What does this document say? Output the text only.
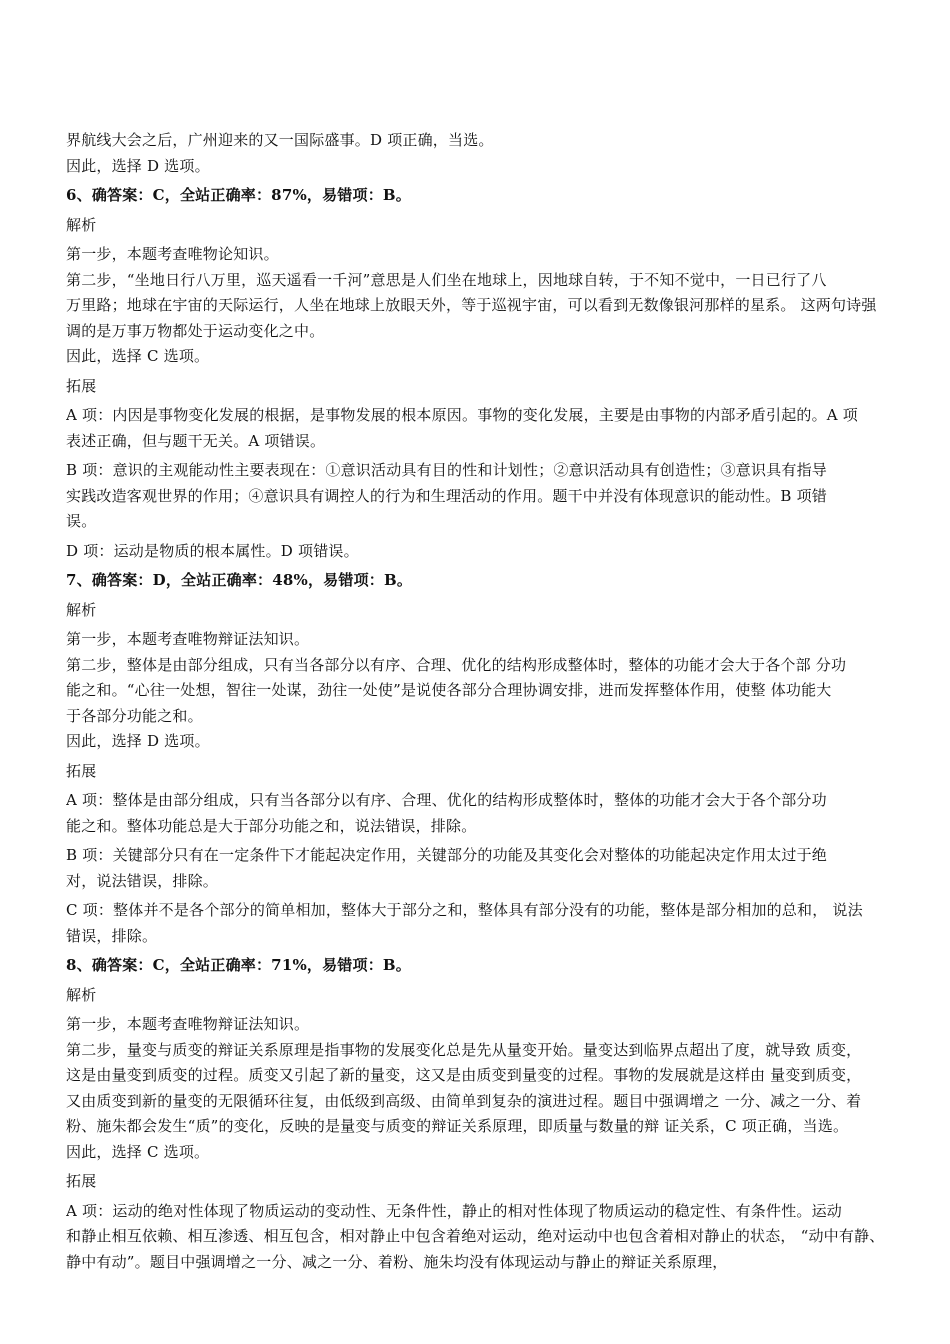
界航线大会之后，广州迎来的又一国际盛事。D 项正确，当选。
因此，选择 D 选项。
6、确答案：C，全站正确率：87%，易错项：B。
解析
第一步，本题考查唯物论知识。
第二步，“坐地日行八万里，巡天遥看一千河”意思是人们坐在地球上，因地球自转，于不知不觉中，一日已行了八
万里路；地球在宇宙的天际运行，人坐在地球上放眼天外，等于巡视宇宙，可以看到无数像银河那样的星系。 这两句诗强
调的是万事万物都处于运动变化之中。
因此，选择 C 选项。
拓展
A 项：内因是事物变化发展的根据，是事物发展的根本原因。事物的变化发展，主要是由事物的内部矛盾引起的。A 项
表述正确，但与题干无关。A 项错误。
B 项：意识的主观能动性主要表现在：①意识活动具有目的性和计划性；②意识活动具有创造性；③意识具有指导
实践改造客观世界的作用；④意识具有调控人的行为和生理活动的作用。题干中并没有体现意识的能动性。B 项错
误。
D 项：运动是物质的根本属性。D 项错误。
7、确答案：D，全站正确率：48%，易错项：B。
解析
第一步，本题考查唯物辩证法知识。
第二步，整体是由部分组成，只有当各部分以有序、合理、优化的结构形成整体时，整体的功能才会大于各个部 分功
能之和。“心往一处想，智往一处谋，劲往一处使”是说使各部分合理协调安排，进而发挥整体作用，使整 体功能大
于各部分功能之和。
因此，选择 D 选项。
拓展
A 项：整体是由部分组成，只有当各部分以有序、合理、优化的结构形成整体时，整体的功能才会大于各个部分功
能之和。整体功能总是大于部分功能之和，说法错误，排除。
B 项：关键部分只有在一定条件下才能起决定作用，关键部分的功能及其变化会对整体的功能起决定作用太过于绝
对，说法错误，排除。
C 项：整体并不是各个部分的简单相加，整体大于部分之和，整体具有部分没有的功能，整体是部分相加的总和， 说法
错误，排除。
8、确答案：C，全站正确率：71%，易错项：B。
解析
第一步，本题考查唯物辩证法知识。
第二步，量变与质变的辩证关系原理是指事物的发展变化总是先从量变开始。量变达到临界点超出了度，就导致 质变，
这是由量变到质变的过程。质变又引起了新的量变，这又是由质变到量变的过程。事物的发展就是这样由 量变到质变，
又由质变到新的量变的无限循环往复，由低级到高级、由简单到复杂的演进过程。题目中强调增之 一分、减之一分、着
粉、施朱都会发生“质”的变化，反映的是量变与质变的辩证关系原理，即质量与数量的辩 证关系，C 项正确，当选。
因此，选择 C 选项。
拓展
A 项：运动的绝对性体现了物质运动的变动性、无条件性，静止的相对性体现了物质运动的稳定性、有条件性。运动
和静止相互依赖、相互渗透、相互包含，相对静止中包含着绝对运动，绝对运动中也包含着相对静止的状态， “动中有静、
静中有动”。题目中强调增之一分、减之一分、着粉、施朱均没有体现运动与静止的辩证关系原理，
